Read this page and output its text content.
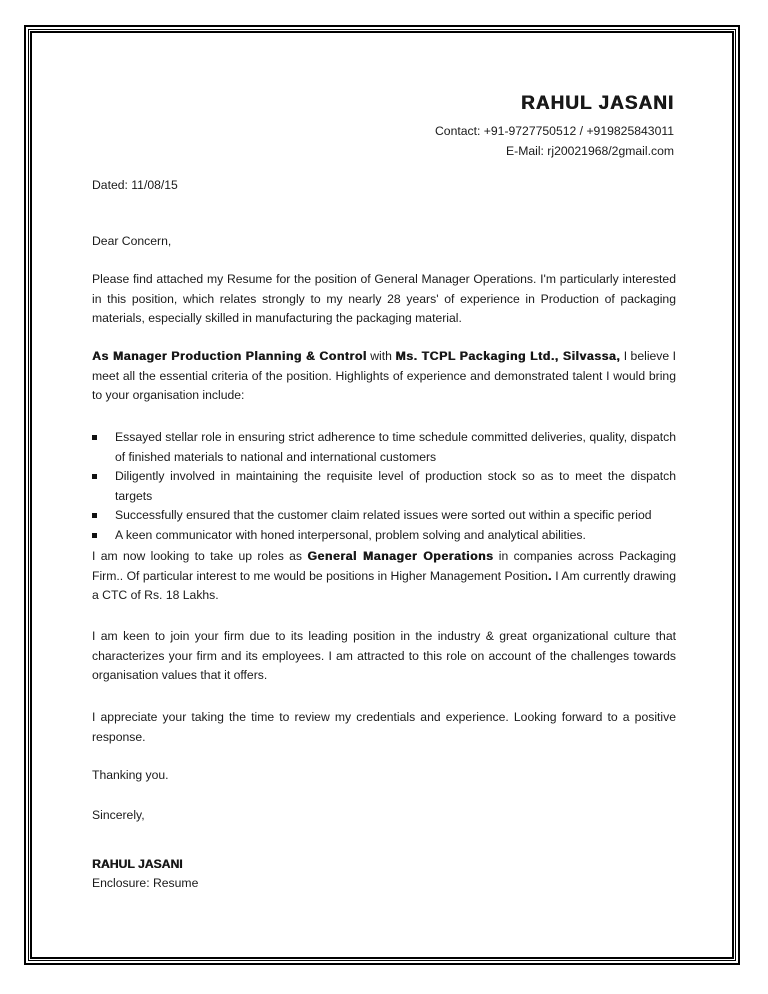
RAHUL JASANI
Contact: +91-9727750512 / +919825843011
E-Mail: rj20021968/2gmail.com
Dated: 11/08/15
Dear Concern,
Please find attached my Resume for the position of General Manager Operations. I'm particularly interested in this position, which relates strongly to my nearly 28 years' of experience in Production of packaging materials, especially skilled in manufacturing the packaging material.
As Manager Production Planning & Control with Ms. TCPL Packaging Ltd., Silvassa, I believe I meet all the essential criteria of the position. Highlights of experience and demonstrated talent I would bring to your organisation include:
Essayed stellar role in ensuring strict adherence to time schedule committed deliveries, quality, dispatch of finished materials to national and international customers
Diligently involved in maintaining the requisite level of production stock so as to meet the dispatch targets
Successfully ensured that the customer claim related issues were sorted out within a specific period
A keen communicator with honed interpersonal, problem solving and analytical abilities.
I am now looking to take up roles as General Manager Operations in companies across Packaging Firm.. Of particular interest to me would be positions in Higher Management Position. I Am currently drawing a CTC of Rs. 18 Lakhs.
I am keen to join your firm due to its leading position in the industry & great organizational culture that characterizes your firm and its employees. I am attracted to this role on account of the challenges towards organisation values that it offers.
I appreciate your taking the time to review my credentials and experience. Looking forward to a positive response.
Thanking you.
Sincerely,
RAHUL JASANI
Enclosure: Resume
